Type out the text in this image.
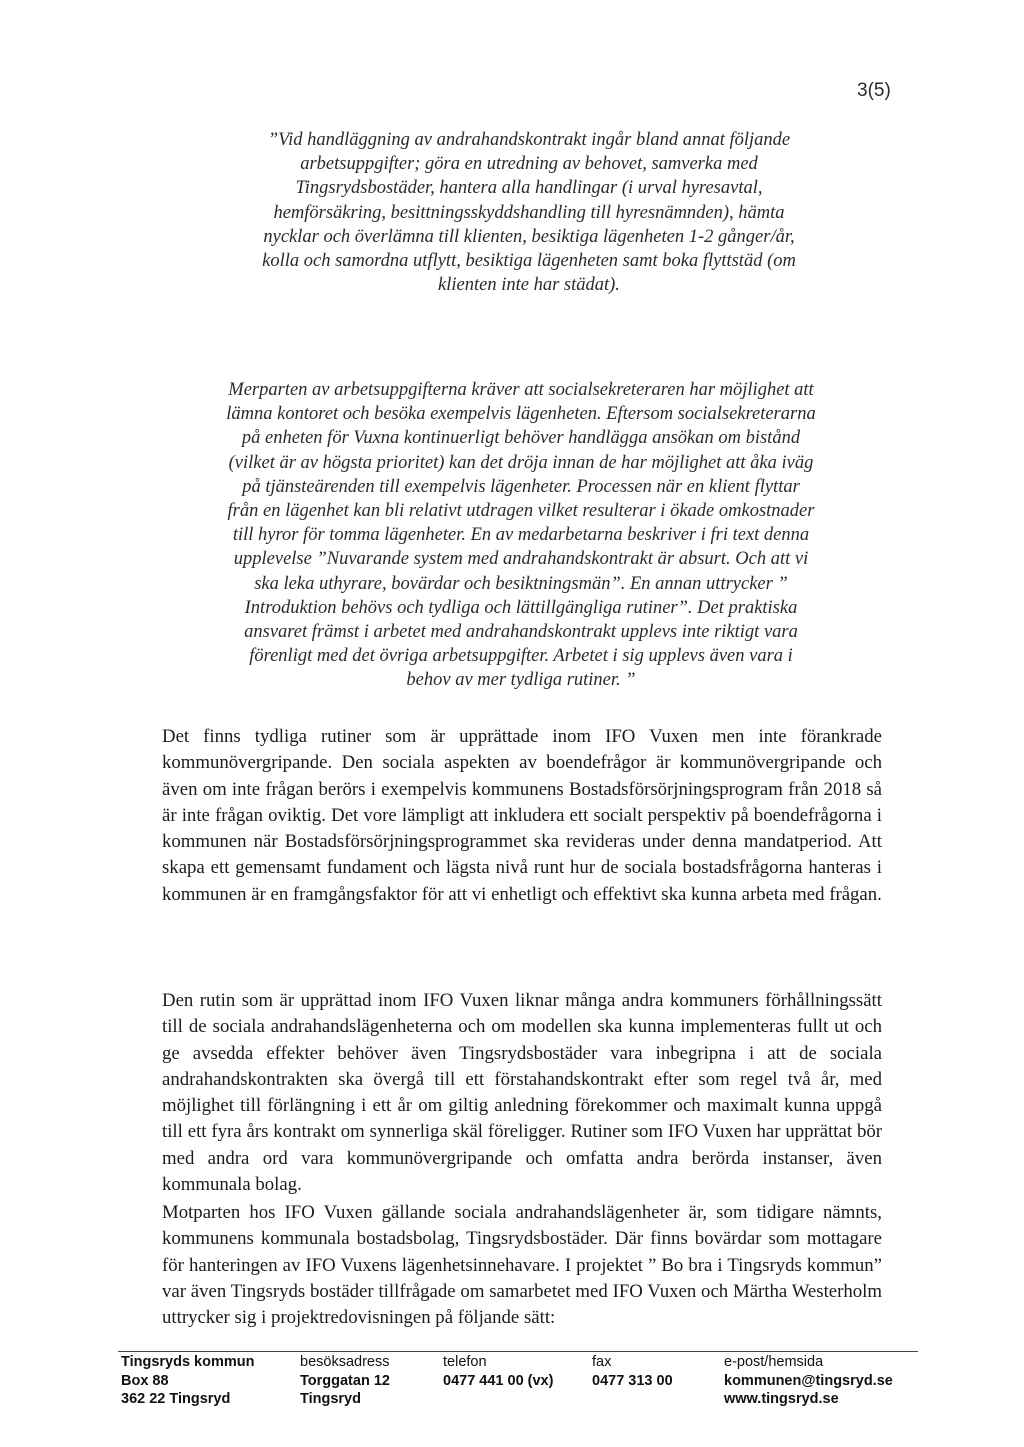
3(5)

”Vid handläggning av andrahandskontrakt ingår bland annat följande arbetsuppgifter; göra en utredning av behovet, samverka med Tingsrydsbostäder, hantera alla handlingar (i urval hyresavtal, hemförsäkring, besittningsskyddshandling till hyresnämnden), hämta nycklar och överlämna till klienten, besiktiga lägenheten 1-2 gånger/år, kolla och samordna utflytt, besiktiga lägenheten samt boka flyttstäd (om klienten inte har städat).

Merparten av arbetsuppgifterna kräver att socialsekreteraren har möjlighet att lämna kontoret och besöka exempelvis lägenheten. Eftersom socialsekreterarna på enheten för Vuxna kontinuerligt behöver handlägga ansökan om bistånd (vilket är av högsta prioritet) kan det dröja innan de har möjlighet att åka iväg på tjänsteärenden till exempelvis lägenheter. Processen när en klient flyttar från en lägenhet kan bli relativt utdragen vilket resulterar i ökade omkostnader till hyror för tomma lägenheter. En av medarbetarna beskriver i fri text denna upplevelse ”Nuvarande system med andrahandskontrakt är absurt. Och att vi ska leka uthyrare, bovärdar och besiktningsmän”. En annan uttrycker ” Introduktion behövs och tydliga och lättillgängliga rutiner”. Det praktiska ansvaret främst i arbetet med andrahandskontrakt upplevs inte riktigt vara förenligt med det övriga arbetsuppgifter. Arbetet i sig upplevs även vara i behov av mer tydliga rutiner. ”

Det finns tydliga rutiner som är upprättade inom IFO Vuxen men inte förankrade kommunövergripande. Den sociala aspekten av boendefrågor är kommunövergripande och även om inte frågan berörs i exempelvis kommunens Bostadsförsörjningsprogram från 2018 så är inte frågan oviktig. Det vore lämpligt att inkludera ett socialt perspektiv på boendefrågorna i kommunen när Bostadsförsörjningsprogrammet ska revideras under denna mandatperiod. Att skapa ett gemensamt fundament och lägsta nivå runt hur de sociala bostadsfrågorna hanteras i kommunen är en framgångsfaktor för att vi enhetligt och effektivt ska kunna arbeta med frågan.

Den rutin som är upprättad inom IFO Vuxen liknar många andra kommuners förhållningssätt till de sociala andrahandslägenheterna och om modellen ska kunna implementeras fullt ut och ge avsedda effekter behöver även Tingsrydsbostäder vara inbegripna i att de sociala andrahandskontrakten ska övergå till ett förstahandskontrakt efter som regel två år, med möjlighet till förlängning i ett år om giltig anledning förekommer och maximalt kunna uppgå till ett fyra års kontrakt om synnerliga skäl föreligger. Rutiner som IFO Vuxen har upprättat bör med andra ord vara kommunövergripande och omfatta andra berörda instanser, även kommunala bolag.

Motparten hos IFO Vuxen gällande sociala andrahandslägenheter är, som tidigare nämnts, kommunens kommunala bostadsbolag, Tingsrydsbostäder. Där finns bovärdar som mottagare för hanteringen av IFO Vuxens lägenhetsinnehavare. I projektet ” Bo bra i Tingsryds kommun” var även Tingsryds bostäder tillfrågade om samarbetet med IFO Vuxen och Märtha Westerholm uttrycker sig i projektredovisningen på följande sätt:

Tingsryds kommun
Box 88
362 22 Tingsryd
besöksadress
Torggatan 12
Tingsryd
telefon
0477 441 00 (vx)
fax
0477 313 00
e-post/hemsida
kommunen@tingsryd.se
www.tingsryd.se
